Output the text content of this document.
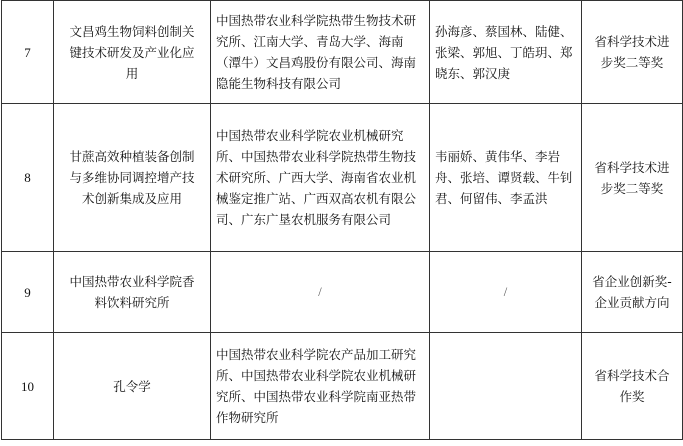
7	文昌鸡生物饲料创制关键技术研发及产业化应用	中国热带农业科学院热带生物技术研究所、江南大学、青岛大学、海南（潭牛）文昌鸡股份有限公司、海南隐能生物科技有限公司	孙海彦、蔡国林、陆健、张梁、郭旭、丁皓玥、郑晓东、郭汉庚	省科学技术进步奖二等奖
8	甘蔗高效种植装备创制与多维协同调控增产技术创新集成及应用	中国热带农业科学院农业机械研究所、中国热带农业科学院热带生物技术研究所、广西大学、海南省农业机械鉴定推广站、广西双高农机有限公司、广东广垦农机服务有限公司	韦丽娇、黄伟华、李岩舟、张培、谭贤载、牛钊君、何留伟、李孟洪	省科学技术进步奖二等奖
9	中国热带农业科学院香料饮料研究所	/	/	省企业创新奖-企业贡献方向
10	孔令学	中国热带农业科学院农产品加工研究所、中国热带农业科学院农业机械研究所、中国热带农业科学院南亚热带作物研究所		省科学技术合作奖
